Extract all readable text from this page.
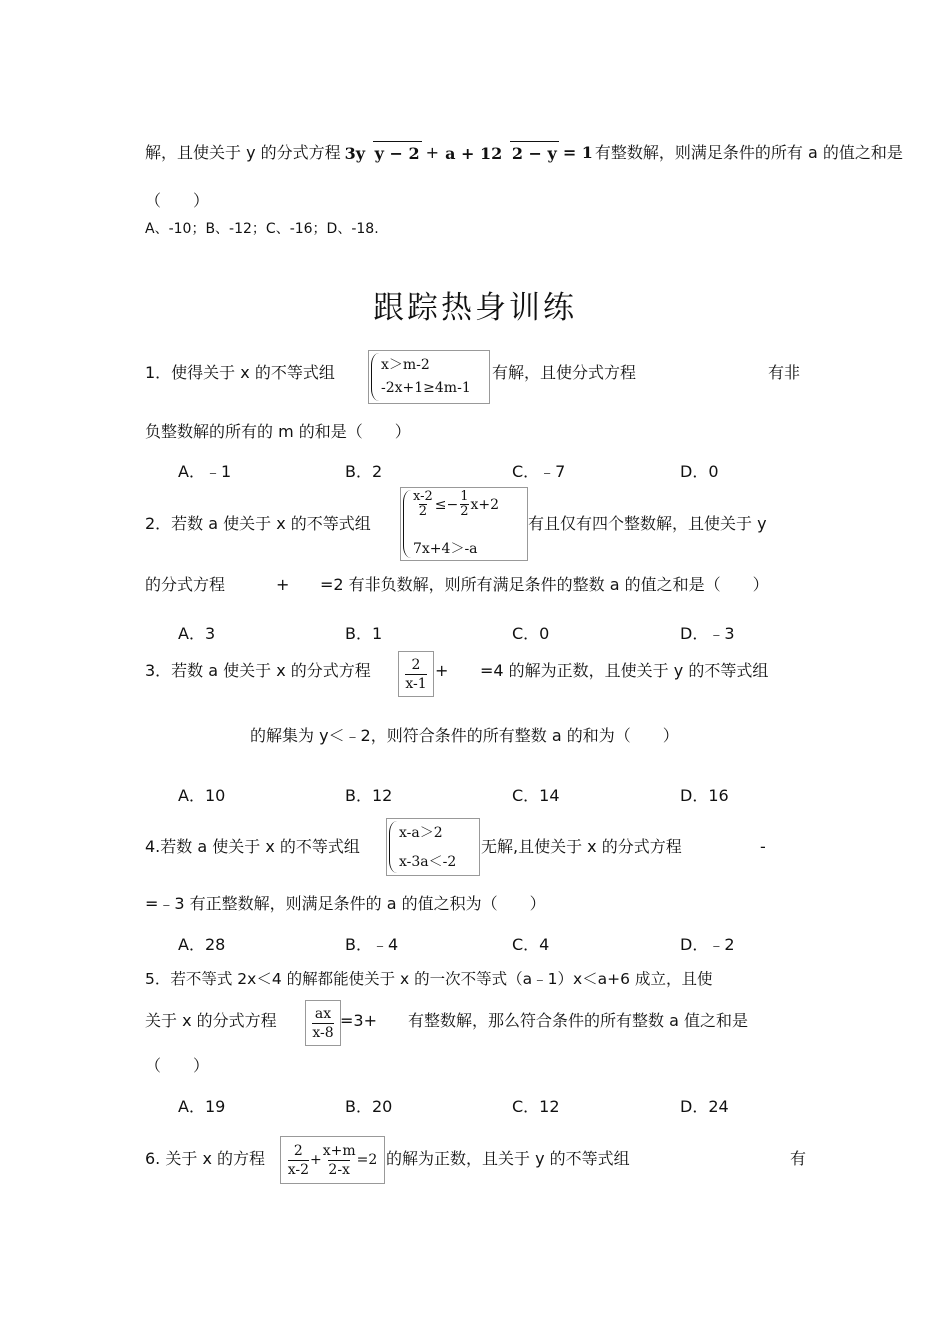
解，且使关于 y 的分式方程 3y y − 2 + a + 12 2 − y = 1 有整数解，则满足条件的所有 a 的值之和是
（　　）
A、-10；B、-12；C、-16；D、-18.
跟踪热身训练
1．使得关于 x 的不等式组	x＞m-2
-2x+1≥4m-1
有解，且使分式方程	有非
负整数解的所有的 m 的和是（　　）
A．﹣1	B．2	C．﹣7	D．0
2．若数 a 使关于 x 的不等式组
$\frac{x-2}{2} \le- \frac{1}{2} x+2$
7x+4＞-a
有且仅有四个整数解，且使关于 y
的分式方程	+ =2 有非负数解，则所有满足条件的整数 a 的值之和是（　　）
A．3	B．1	C．0	D．﹣3
3．若数 a 使关于 x 的分式方程	2
x-1
+ =4 的解为正数，且使关于 y 的不等式组
的解集为 y＜﹣2，则符合条件的所有整数 a 的和为（　　）
A．10	B．12	C．14	D．16
4.若数 a 使关于 x 的不等式组
x-a＞2
x-3a＜-2
无解,且使关于 x 的分式方程	-
=﹣3 有正整数解，则满足条件的 a 的值之积为（　　）
A．28	B．﹣4	C．4	D．﹣2
5．若不等式 2x＜4 的解都能使关于 x 的一次不等式（a﹣1）x＜a+6 成立，且使
关于 x 的分式方程	ax
x-8
=3+ 有整数解，那么符合条件的所有整数 a 值之和是
（　　）
A．19	B．20	C．12	D．24
6. 关于 x 的方程 2
x-2
+ $\frac{x+m}{2-x} =2$ 的解为正数，且关于 y 的不等式组	有
